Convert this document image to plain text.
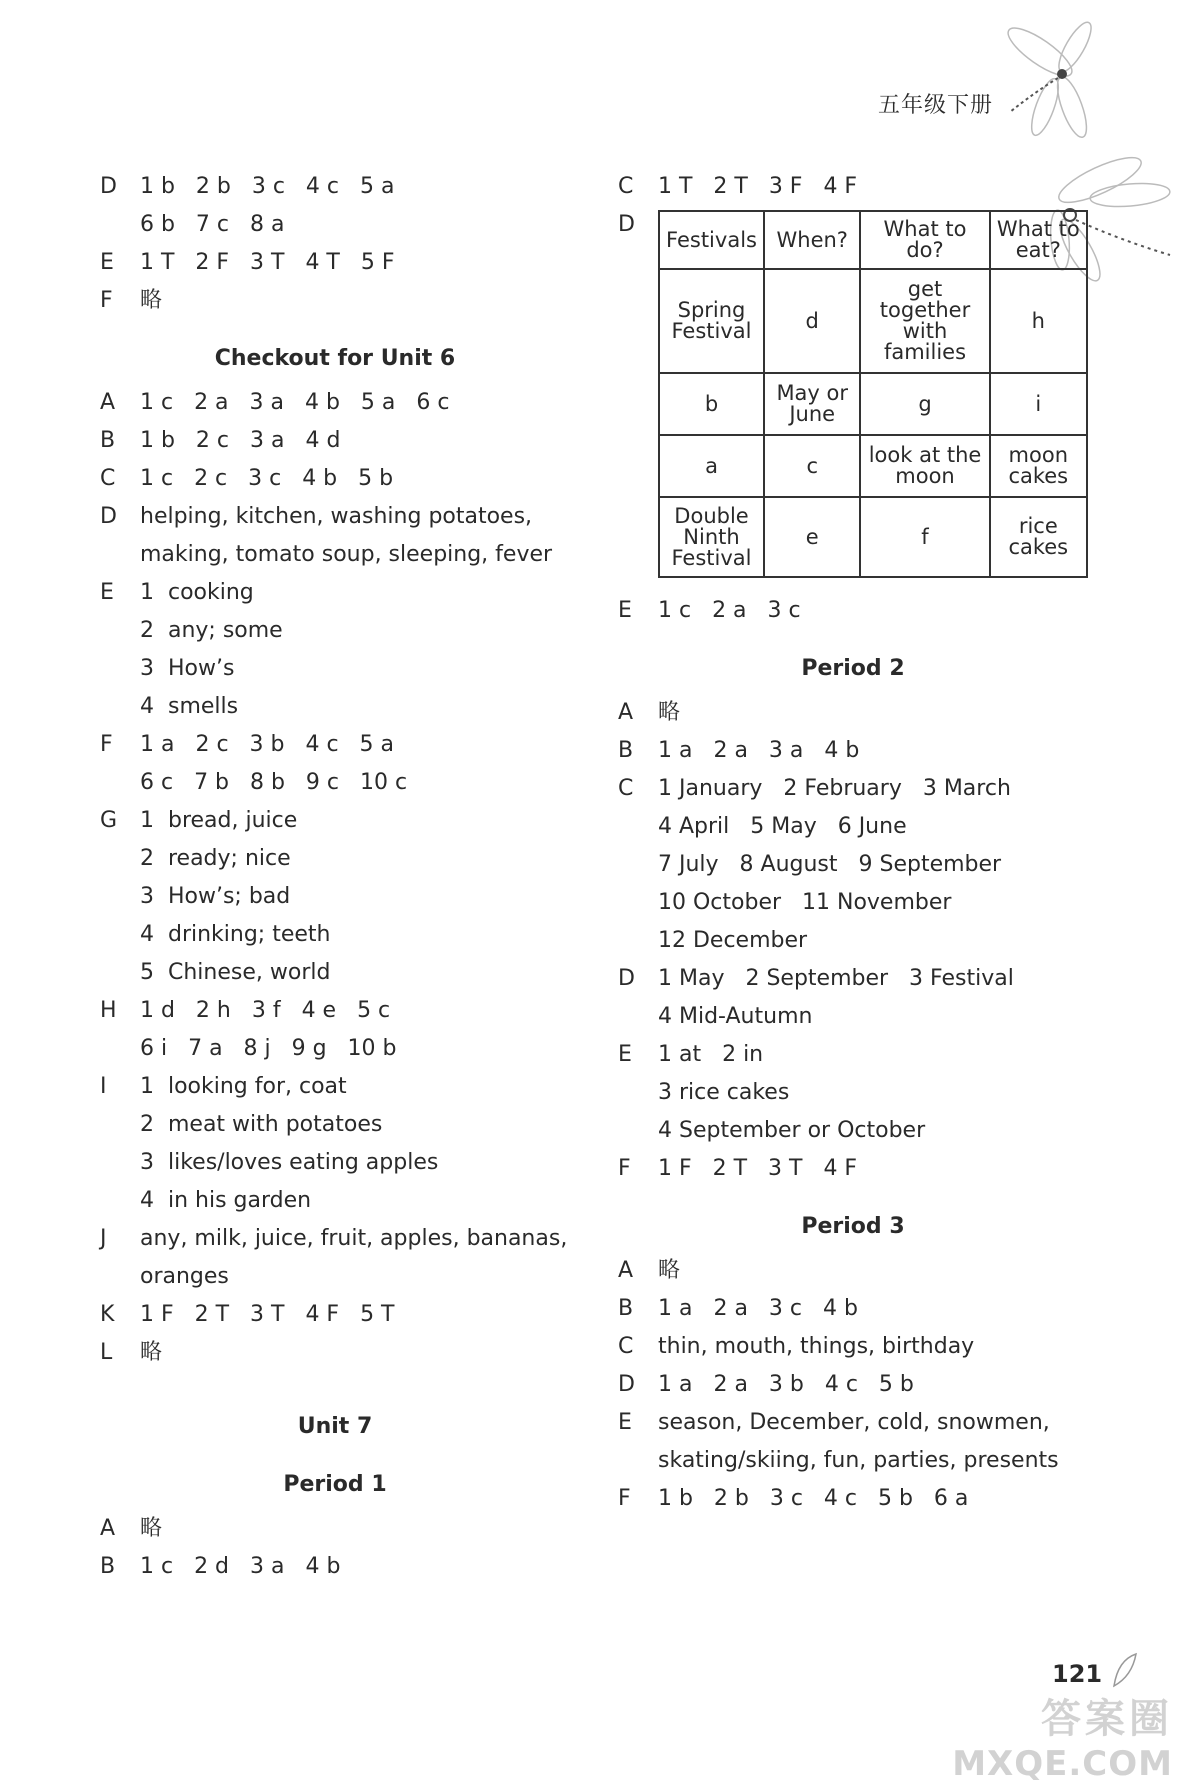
五年级下册
D	1 b   2 b   3 c   4 c   5 a
6 b   7 c   8 a
E	1 T   2 F   3 T   4 T   5 F
F	略
Checkout for Unit 6
A	1 c   2 a   3 a   4 b   5 a   6 c
B	1 b   2 c   3 a   4 d
C	1 c   2 c   3 c   4 b   5 b
D	helping, kitchen, washing potatoes,
making, tomato soup, sleeping, fever
E	1  cooking
2  any; some
3  How’s
4  smells
F	1 a   2 c   3 b   4 c   5 a
6 c   7 b   8 b   9 c   10 c
G	1  bread, juice
2  ready; nice
3  How’s; bad
4  drinking; teeth
5  Chinese, world
H	1 d   2 h   3 f   4 e   5 c
6 i   7 a   8 j   9 g   10 b
I	1  looking for, coat
2  meat with potatoes
3  likes/loves eating apples
4  in his garden
J	any, milk, juice, fruit, apples, bananas,
oranges
K	1 F   2 T   3 T   4 F   5 T
L	略
Unit 7
Period 1
A	略
B	1 c   2 d   3 a   4 b
C	1 T   2 T   3 F   4 F
D
Festivals	When?	What to do?	What to eat?
Spring Festival	d	get together with families	h
b	May or June	g	i
a	c	look at the moon	moon cakes
Double Ninth Festival	e	f	rice cakes
E	1 c   2 a   3 c
Period 2
A	略
B	1 a   2 a   3 a   4 b
C	1 January   2 February   3 March
4 April   5 May   6 June
7 July   8 August   9 September
10 October   11 November
12 December
D	1 May   2 September   3 Festival
4 Mid-Autumn
E	1 at   2 in
3 rice cakes
4 September or October
F	1 F   2 T   3 T   4 F
Period 3
A	略
B	1 a   2 a   3 c   4 b
C	thin, mouth, things, birthday
D	1 a   2 a   3 b   4 c   5 b
E	season, December, cold, snowmen,
skating/skiing, fun, parties, presents
F	1 b   2 b   3 c   4 c   5 b   6 a
121
答案圈
MXQE.COM
